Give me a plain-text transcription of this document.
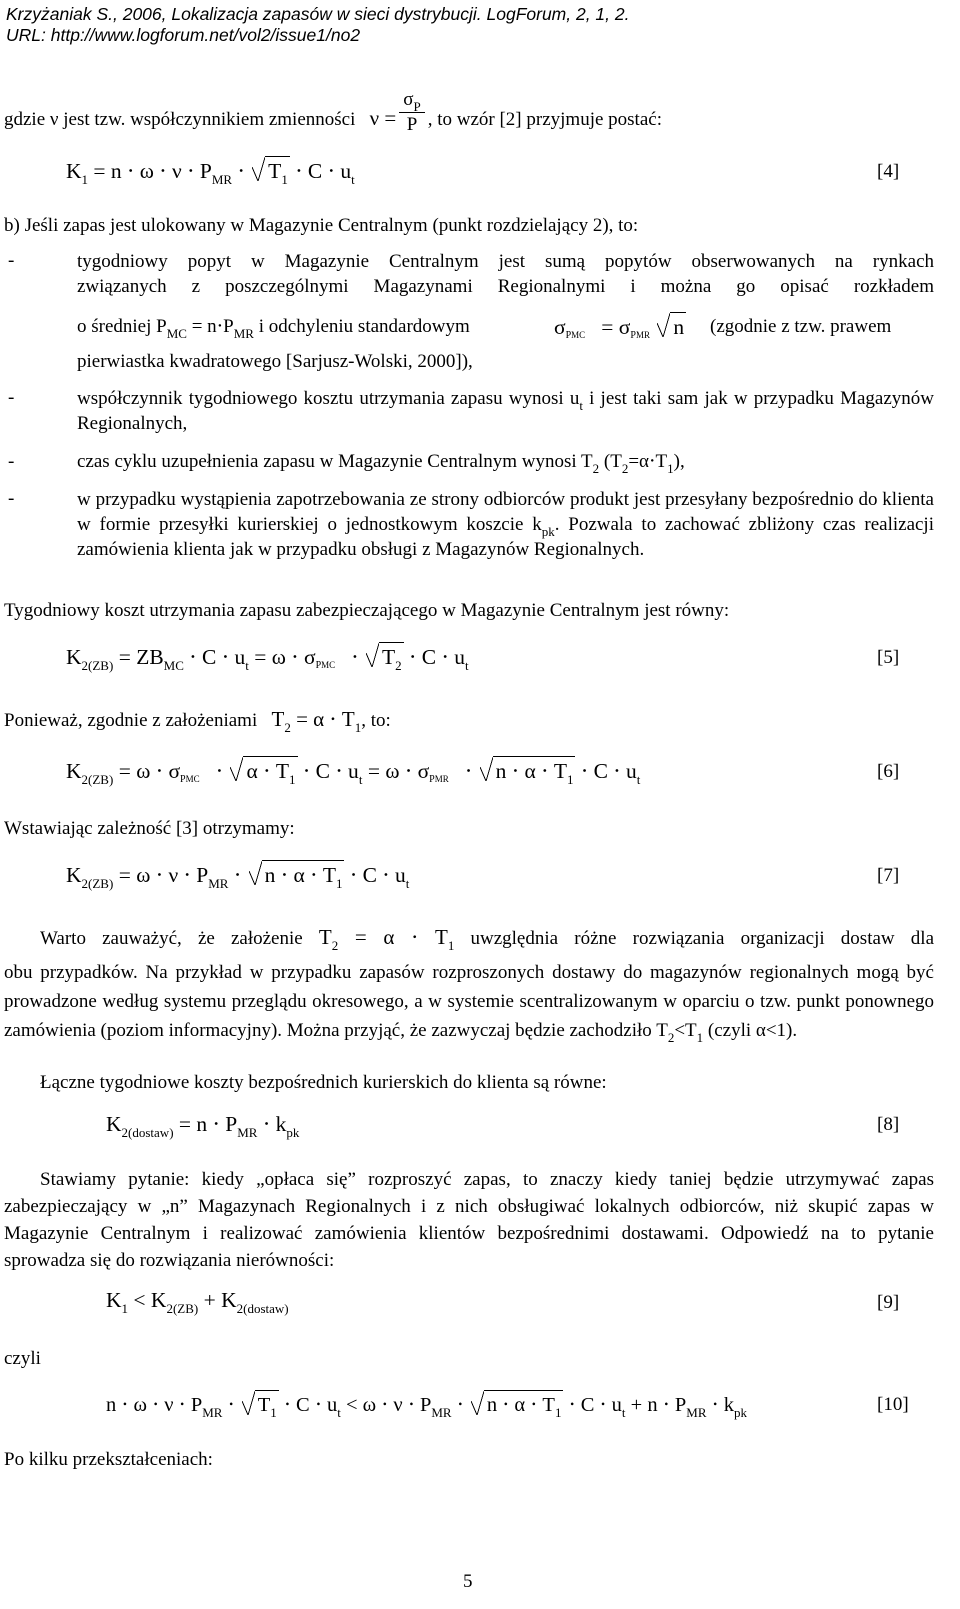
Krzyżaniak S., 2006, Lokalizacja zapasów w sieci dystrybucji. LogForum, 2, 1, 2.
URL: http://www.logforum.net/vol2/issue1/no2
gdzie ν jest tzw. współczynnikiem zmienności $\nu = \frac{\sigma_P}{P}$ , to wzór [2] przyjmuje postać:
$K_1 = n \cdot \omega \cdot \nu \cdot P_{MR} \cdot T_1 \cdot C \cdot u_t$	[4]
b) Jeśli zapas jest ulokowany w Magazynie Centralnym (punkt rozdzielający 2), to:
-	tygodniowy popyt w Magazynie Centralnym jest sumą popytów obserwowanych na rynkach

związanych z poszczególnymi Magazynami Regionalnymi i można go opisać rozkładem

o średniej $P_{MC} = n\cdot P_{MR}$ i odchyleniu standardowym	σPMC   = σPMR n (zgodnie z tzw. prawem
pierwiastka kwadratowego [Sarjusz-Wolski, 2000]),
-	współczynnik tygodniowego kosztu utrzymania zapasu wynosi $u_t$ i jest taki sam jak w przypadku Magazynów Regionalnych,

-	czas cyklu uzupełnienia zapasu w Magazynie Centralnym wynosi $T_2$ $(T_2=\alpha\cdot T_1)$,
-	w przypadku wystąpienia zapotrzebowania ze strony odbiorców produkt jest przesyłany bezpośrednio do klienta w formie przesyłki kurierskiej o jednostkowym koszcie $k_{pk}$. Pozwala to zachować zbliżony czas realizacji zamówienia klienta jak w przypadku obsługi z Magazynów Regionalnych.

Tygodniowy koszt utrzymania zapasu zabezpieczającego w Magazynie Centralnym jest równy:
$K_{2(ZB)} = ZB_{MC} \cdot C \cdot u_t = \omega \cdot \sigma PMC \cdot T_2 \cdot C \cdot u_t$	[5]
Ponieważ, zgodnie z założeniami $T_2 = \alpha \cdot T_1$, to:
$K_{2(ZB)} = \omega \cdot \sigma PMC \cdot \alpha \cdot T_1 \cdot C \cdot u_t = \omega \cdot \sigma PMR \cdot n \cdot \alpha \cdot T_1 \cdot C \cdot u_t$	[6]
Wstawiając zależność [3] otrzymamy:
$K_{2(ZB)} = \omega \cdot \nu \cdot P_{MR} \cdot n \cdot \alpha \cdot T_1 \cdot C \cdot u_t$	[7]

Warto zauważyć, że założenie $T_2 = \alpha \cdot T_1$ uwzględnia różne rozwiązania organizacji dostaw dla

obu przypadków. Na przykład w przypadku zapasów rozproszonych dostawy do magazynów regionalnych mogą być prowadzone według systemu przeglądu okresowego, a w systemie scentralizowanym w oparciu o tzw. punkt ponownego zamówienia (poziom informacyjny). Można przyjąć, że zazwyczaj będzie zachodziło $T_2<T_1$ (czyli α<1).

Łączne tygodniowe koszty bezpośrednich kurierskich do klienta są równe:
$K_{2(dostaw)} = n \cdot P_{MR} \cdot k_{pk}$	[8]

Stawiamy pytanie: kiedy „opłaca się” rozproszyć zapas, to znaczy kiedy taniej będzie utrzymywać zapas zabezpieczający w „n” Magazynach Regionalnych i z nich obsługiwać lokalnych odbiorców, niż skupić zapas w Magazynie Centralnym i realizować zamówienia klientów bezpośrednimi dostawami. Odpowiedź na to pytanie sprowadza się do rozwiązania nierówności:

$K_1 < K_{2(ZB)} + K_{2(dostaw)}$	[9]
czyli
$n \cdot \omega \cdot \nu \cdot P_{MR} \cdot T_1 \cdot C \cdot u_t < \omega \cdot \nu \cdot P_{MR} \cdot n \cdot \alpha \cdot T_1 \cdot C \cdot u_t + n \cdot P_{MR} \cdot k_{pk}$	[10]
Po kilku przekształceniach:
5
